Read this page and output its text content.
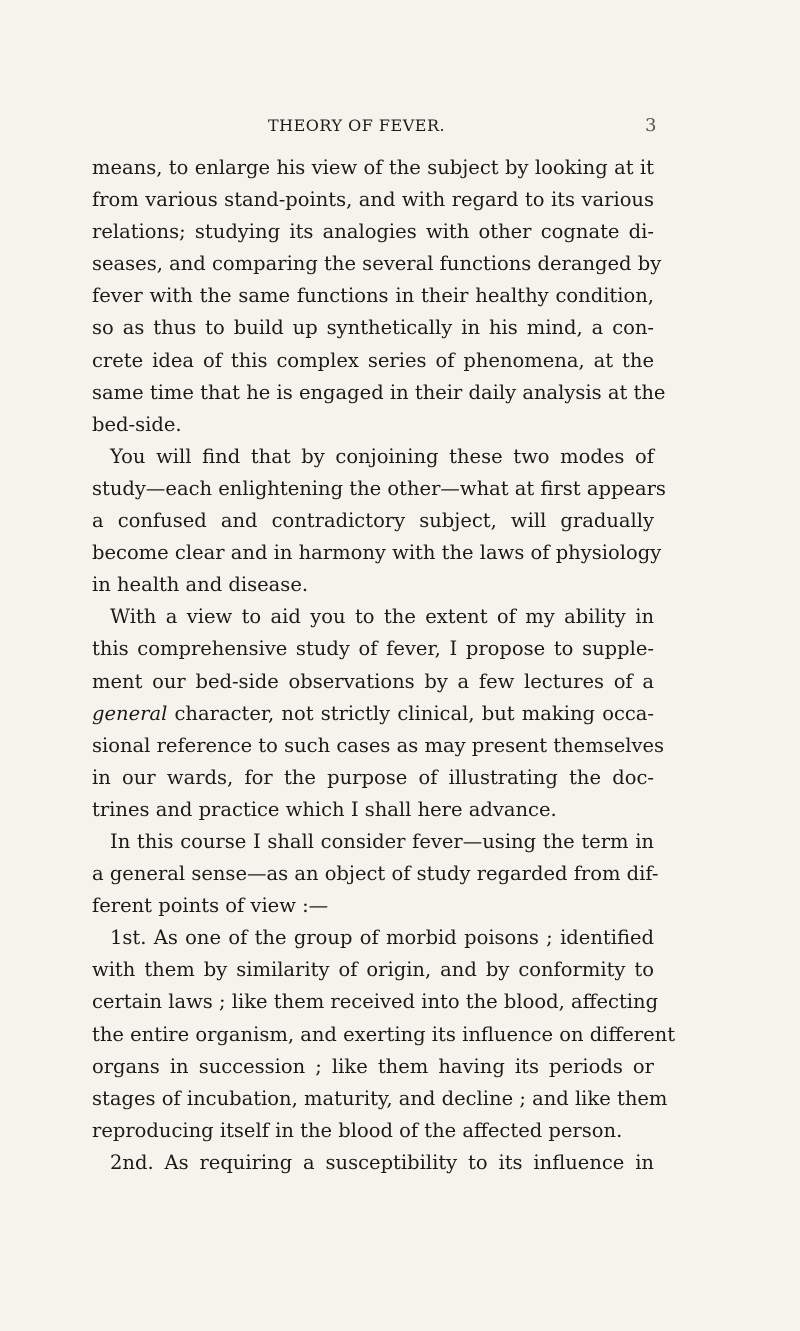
THEORY OF FEVER.	3
means, to enlarge his view of the subject by looking at it
from various stand-points, and with regard to its various
relations; studying its analogies with other cognate di-
seases, and comparing the several functions deranged by
fever with the same functions in their healthy condition,
so as thus to build up synthetically in his mind, a con-
crete idea of this complex series of phenomena, at the
same time that he is engaged in their daily analysis at the
bed-side.
You will find that by conjoining these two modes of
study—each enlightening the other—what at first appears
a confused and contradictory subject, will gradually
become clear and in harmony with the laws of physiology
in health and disease.
With a view to aid you to the extent of my ability in
this comprehensive study of fever, I propose to supple-
ment our bed-side observations by a few lectures of a
general character, not strictly clinical, but making occa-
sional reference to such cases as may present themselves
in our wards, for the purpose of illustrating the doc-
trines and practice which I shall here advance.
In this course I shall consider fever—using the term in
a general sense—as an object of study regarded from dif-
ferent points of view :—
1st. As one of the group of morbid poisons ; identified
with them by similarity of origin, and by conformity to
certain laws ; like them received into the blood, affecting
the entire organism, and exerting its influence on different
organs in succession ; like them having its periods or
stages of incubation, maturity, and decline ; and like them
reproducing itself in the blood of the affected person.
2nd. As requiring a susceptibility to its influence in
